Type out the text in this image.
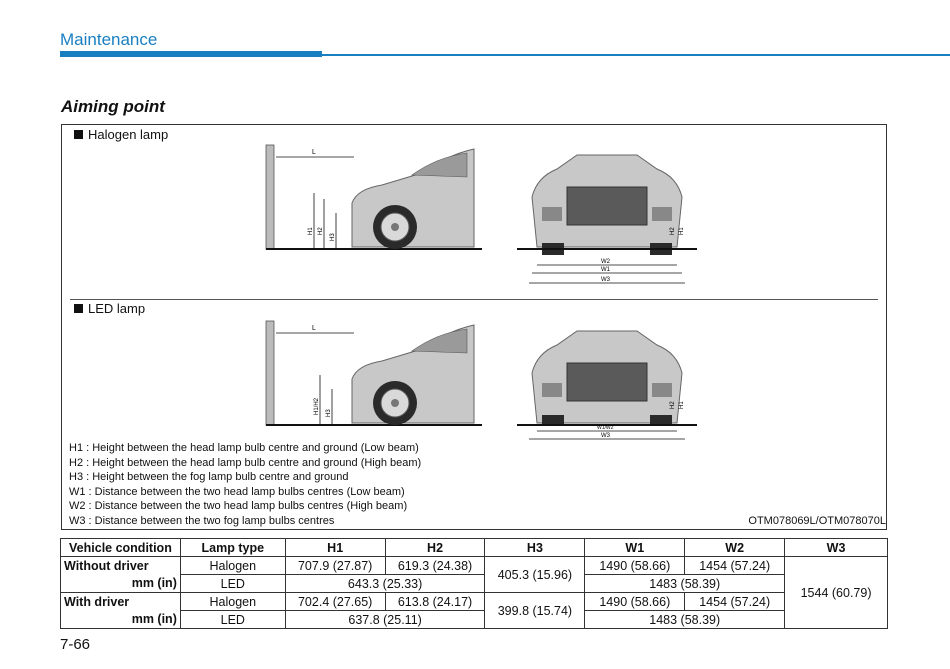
Maintenance
Aiming point
Halogen lamp
L
H1 H2
H3
W2
W1
W3
H2 H1
LED lamp
L
H1/H2 H3
W1/W2
W3
H2 H1
H1 : Height between the head lamp bulb centre and ground (Low beam)
H2 : Height between the head lamp bulb centre and ground (High beam)
H3 : Height between the fog lamp bulb centre and ground
W1 : Distance between the two head lamp bulbs centres (Low beam)
W2 : Distance between the two head lamp bulbs centres (High beam)
W3 : Distance between the two fog lamp bulbs centres	OTM078069L/OTM078070L
Vehicle condition	Lamp type	H1	H2	H3	W1	W2	W3
Without driver	Halogen	707.9 (27.87)	619.3 (24.38)	405.3 (15.96)	1490 (58.66)	1454 (57.24)	1544 (60.79)
mm (in)	LED	643.3 (25.33)			1483 (58.39)		
With driver	Halogen	702.4 (27.65)	613.8 (24.17)	399.8 (15.74)	1490 (58.66)	1454 (57.24)	
mm (in)	LED	637.8 (25.11)			1483 (58.39)		
7-66
